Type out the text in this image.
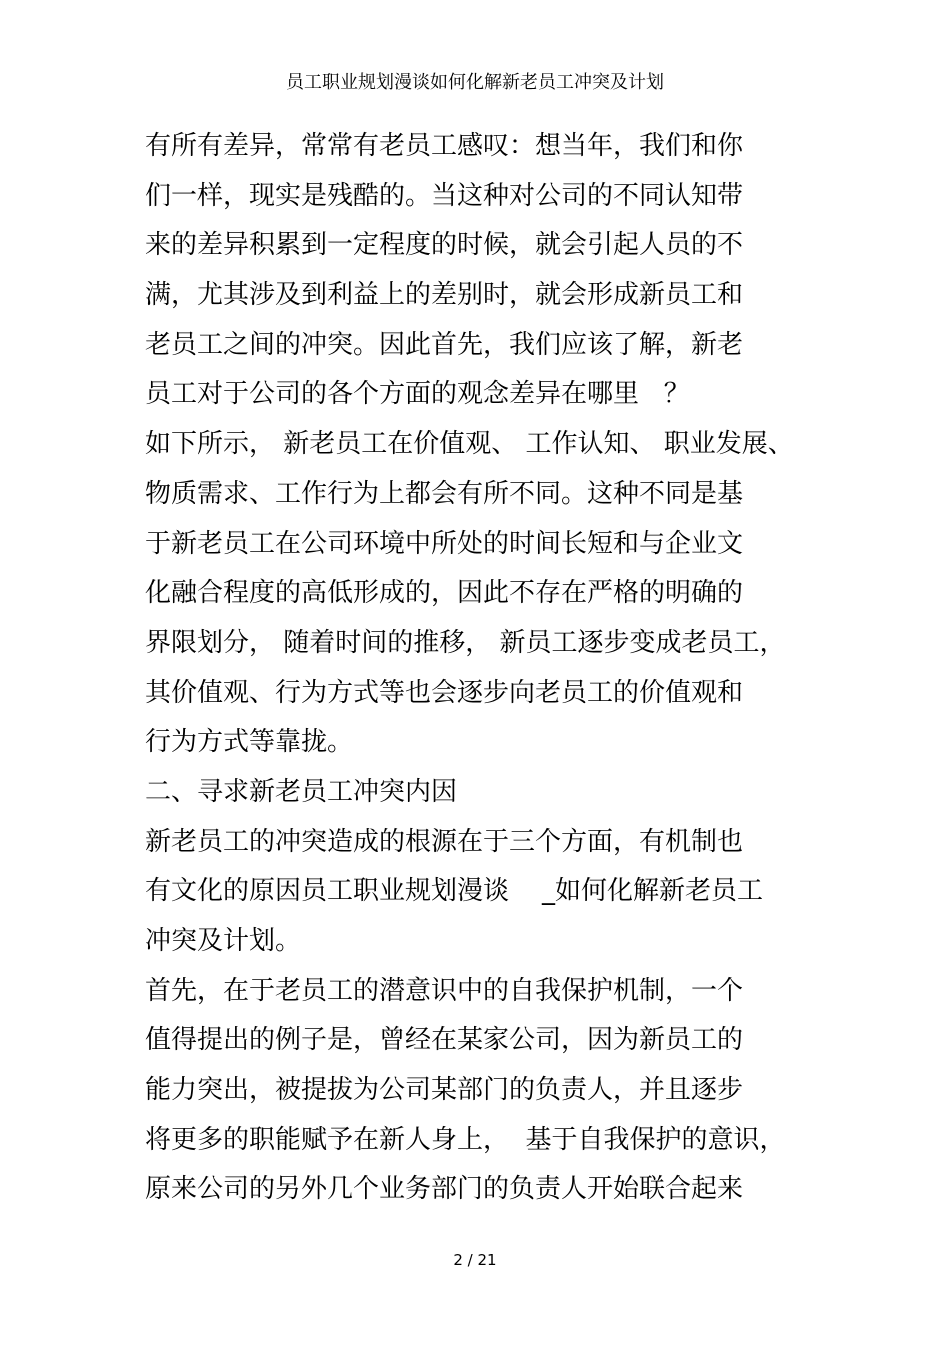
员工职业规划漫谈如何化解新老员工冲突及计划
有所有差异，常常有老员工感叹：想当年，我们和你
们一样，现实是残酷的。当这种对公司的不同认知带
来的差异积累到一定程度的时候，就会引起人员的不
满，尤其涉及到利益上的差别时，就会形成新员工和
老员工之间的冲突。因此首先，我们应该了解，新老
员工对于公司的各个方面的观念差异在哪里   ？
如下所示， 新老员工在价值观、 工作认知、 职业发展、
物质需求、工作行为上都会有所不同。这种不同是基
于新老员工在公司环境中所处的时间长短和与企业文
化融合程度的高低形成的，因此不存在严格的明确的
界限划分， 随着时间的推移， 新员工逐步变成老员工，
其价值观、行为方式等也会逐步向老员工的价值观和
行为方式等靠拢。
二、寻求新老员工冲突内因
新老员工的冲突造成的根源在于三个方面，有机制也
有文化的原因员工职业规划漫谈    _如何化解新老员工
冲突及计划。
首先，在于老员工的潜意识中的自我保护机制，一个
值得提出的例子是，曾经在某家公司，因为新员工的
能力突出，被提拔为公司某部门的负责人，并且逐步
将更多的职能赋予在新人身上，  基于自我保护的意识，
原来公司的另外几个业务部门的负责人开始联合起来
2 / 21
